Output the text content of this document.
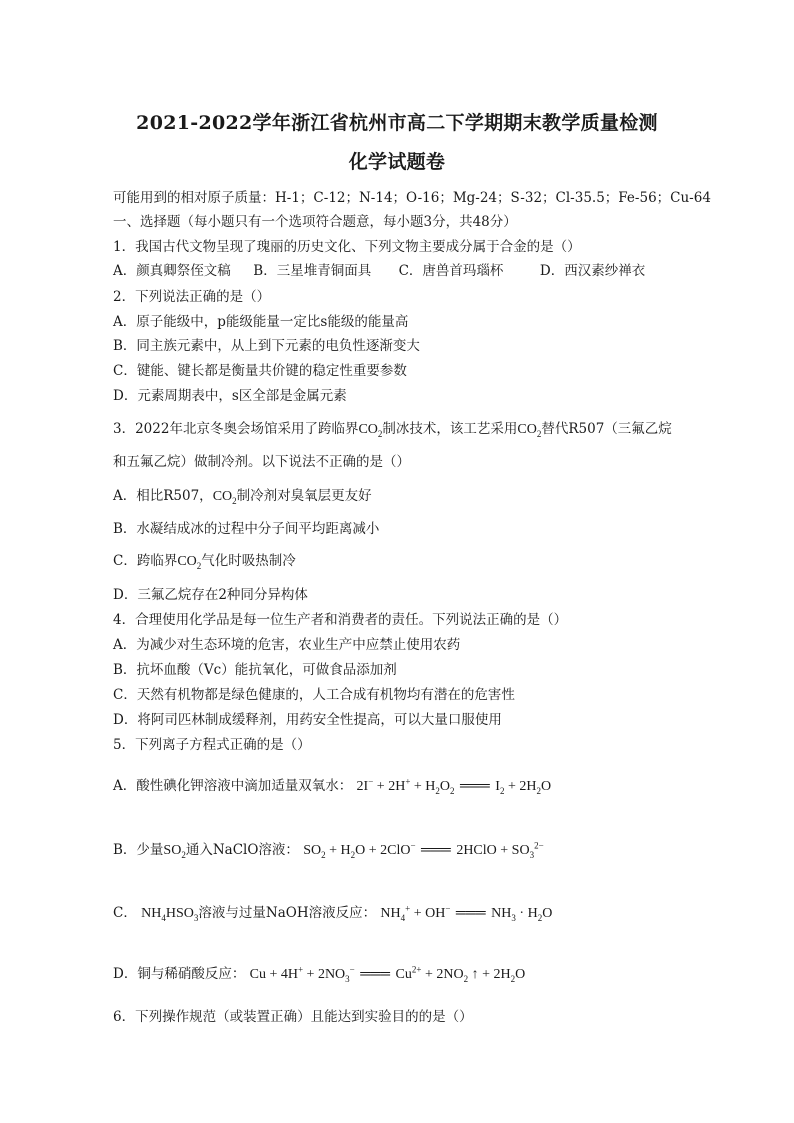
2021-2022学年浙江省杭州市高二下学期期末教学质量检测
化学试题卷
可能用到的相对原子质量：H-1；C-12；N-14；O-16；Mg-24；S-32；Cl-35.5；Fe-56；Cu-64
一、选择题（每小题只有一个选项符合题意，每小题3分，共48分）
1．我国古代文物呈现了瑰丽的历史文化、下列文物主要成分属于合金的是（）
A．颜真卿祭侄文稿 B．三星堆青铜面具 C．唐兽首玛瑙杯	D．西汉素纱禅衣
2．下列说法正确的是（）
A．原子能级中，p能级能量一定比s能级的能量高
B．同主族元素中，从上到下元素的电负性逐渐变大
C．键能、键长都是衡量共价键的稳定性重要参数
D．元素周期表中，s区全部是金属元素
3．2022年北京冬奥会场馆采用了跨临界$CO_2$制冰技术，该工艺采用$CO_2$替代R507（三氟乙烷
和五氟乙烷）做制冷剂。以下说法不正确的是（）
A．相比R507，$CO_2$制冷剂对臭氧层更友好
B．水凝结成冰的过程中分子间平均距离减小
C．跨临界$CO_2$气化时吸热制冷
D．三氟乙烷存在2种同分异构体
4．合理使用化学品是每一位生产者和消费者的责任。下列说法正确的是（）
A．为减少对生态环境的危害，农业生产中应禁止使用农药
B．抗坏血酸（Vc）能抗氧化，可做食品添加剂
C．天然有机物都是绿色健康的，人工合成有机物均有潜在的危害性
D．将阿司匹林制成缓释剂，用药安全性提高，可以大量口服使用
5．下列离子方程式正确的是（）
A．酸性碘化钾溶液中滴加适量双氧水： $2I^- + 2H^+ + H_2O_2$ ═══ $I_2 + 2H_2O$
B．少量$SO_2$通入NaClO溶液： $SO_2 + H_2O + 2ClO^-$ ═══ 2HClO + $SO_3^{2-}$
C． $NH_4HSO_3$溶液与过量NaOH溶液反应： $NH_4^+ + OH^-$ ═══ $NH_3 \cdot H_2O$
D．铜与稀硝酸反应： $Cu + 4H^+ + 2NO_3^-$ ═══ $Cu^{2+} + 2NO_2$ ↑ + $2H_2O$
6．下列操作规范（或装置正确）且能达到实验目的的是（）
